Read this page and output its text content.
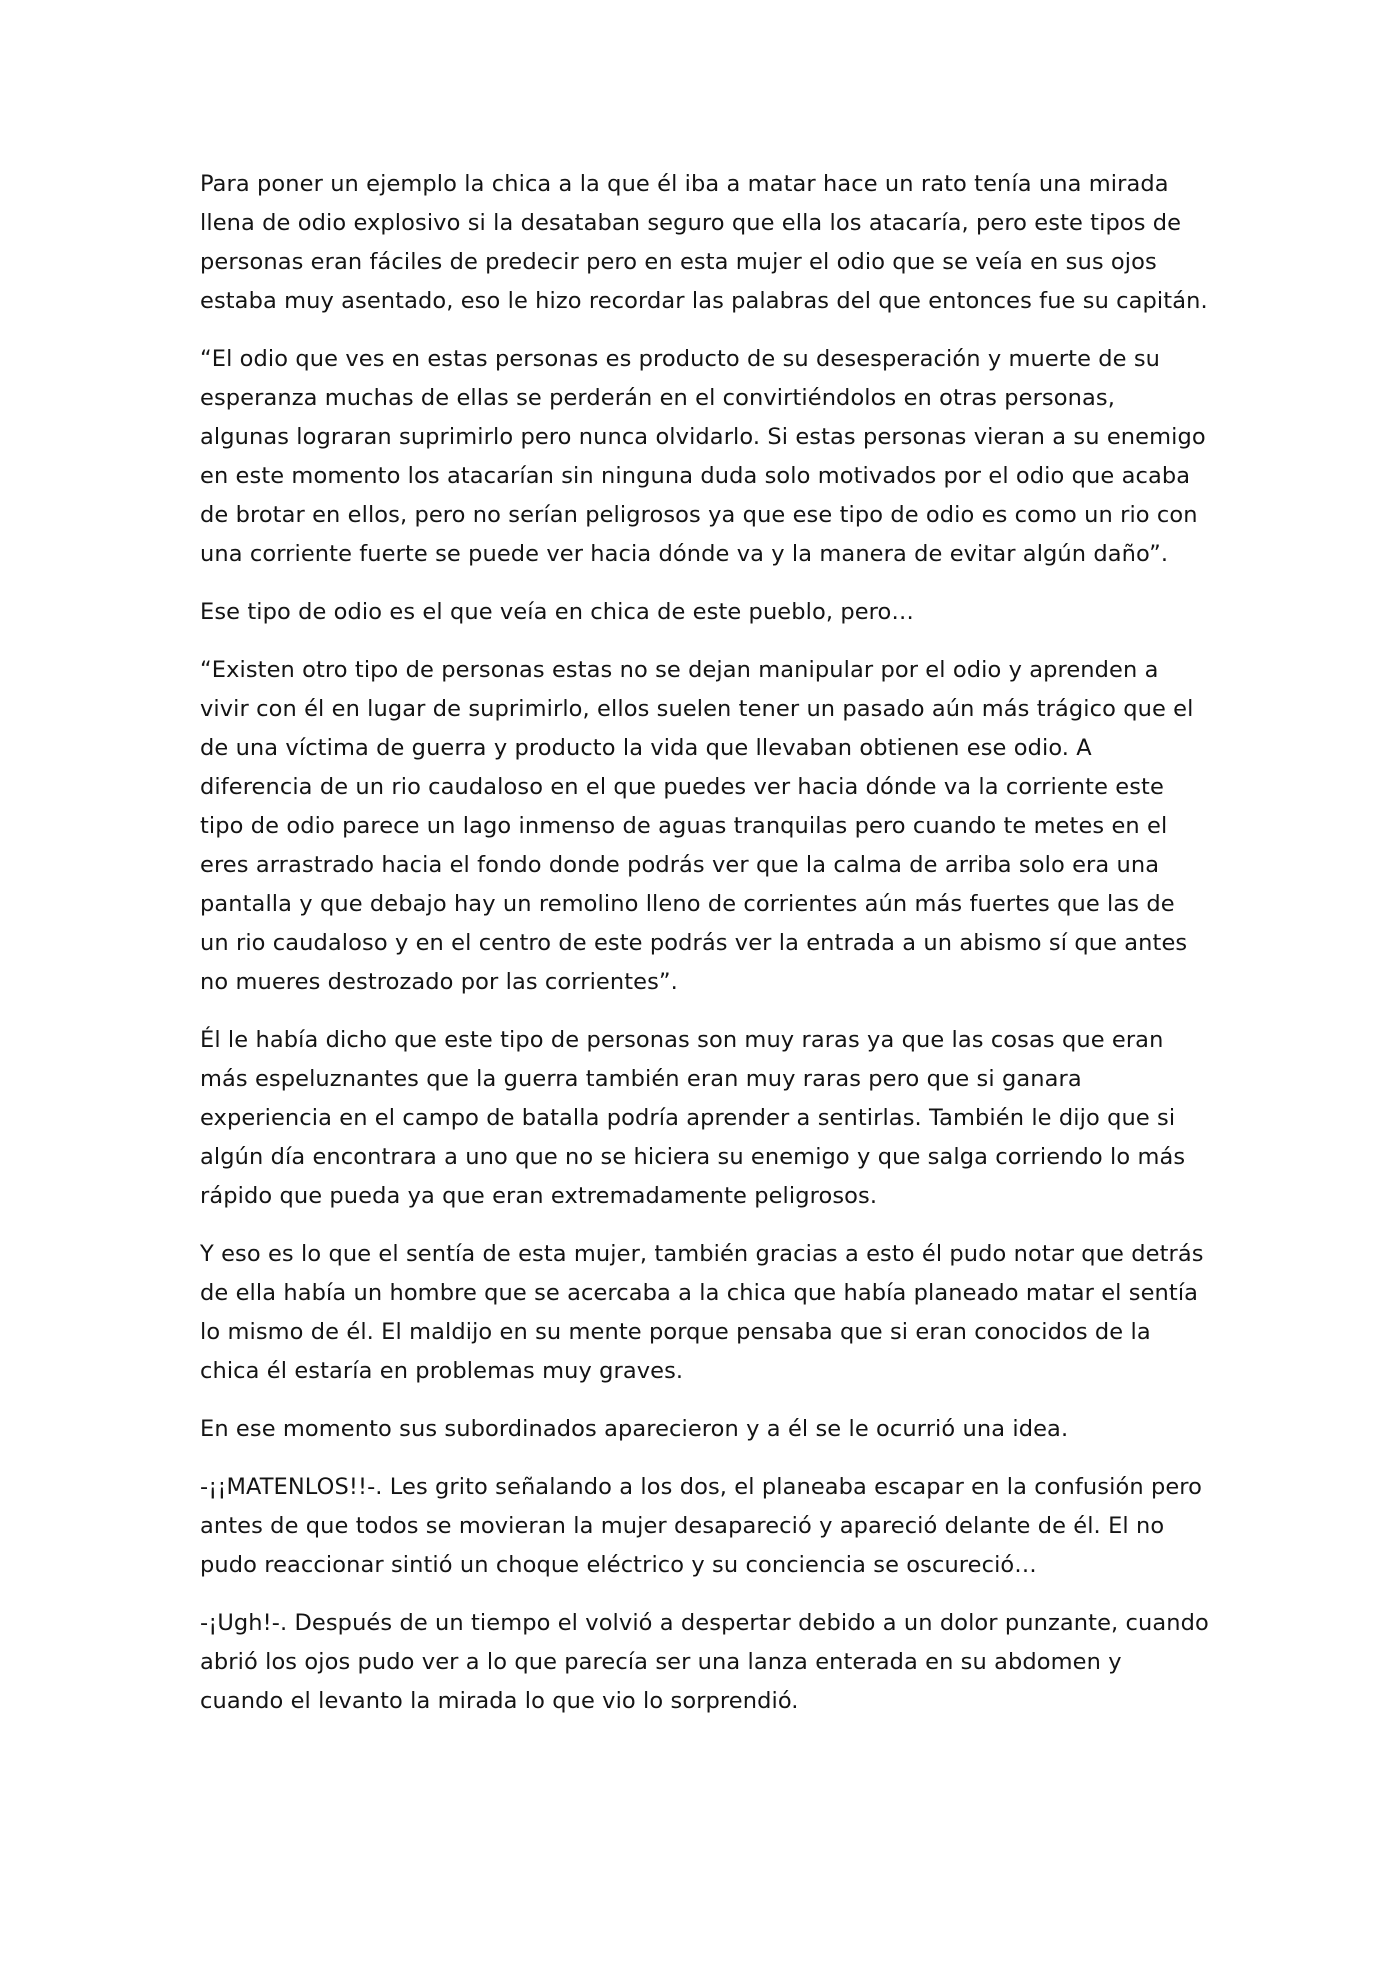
Para poner un ejemplo la chica a la que él iba a matar hace un rato tenía una mirada llena de odio explosivo si la desataban seguro que ella los atacaría, pero este tipos de personas eran fáciles de predecir pero en esta mujer el odio que se veía en sus ojos estaba muy asentado, eso le hizo recordar las palabras del que entonces fue su capitán.

“El odio que ves en estas personas es producto de su desesperación y muerte de su esperanza muchas de ellas se perderán en el convirtiéndolos en otras personas, algunas lograran suprimirlo pero nunca olvidarlo. Si estas personas vieran a su enemigo en este momento los atacarían sin ninguna duda solo motivados por el odio que acaba de brotar en ellos, pero no serían peligrosos ya que ese tipo de odio es como un rio con una corriente fuerte se puede ver hacia dónde va y la manera de evitar algún daño”.

Ese tipo de odio es el que veía en chica de este pueblo, pero…

“Existen otro tipo de personas estas no se dejan manipular por el odio y aprenden a vivir con él en lugar de suprimirlo, ellos suelen tener un pasado aún más trágico que el de una víctima de guerra y producto la vida que llevaban obtienen ese odio. A diferencia de un rio caudaloso en el que puedes ver hacia dónde va la corriente este tipo de odio parece un lago inmenso de aguas tranquilas pero cuando te metes en el eres arrastrado hacia el fondo donde podrás ver que la calma de arriba solo era una pantalla y que debajo hay un remolino lleno de corrientes aún más fuertes que las de un rio caudaloso y en el centro de este podrás ver la entrada a un abismo sí que antes no mueres destrozado por las corrientes”.

Él le había dicho que este tipo de personas son muy raras ya que las cosas que eran más espeluznantes que la guerra también eran muy raras pero que si ganara experiencia en el campo de batalla podría aprender a sentirlas. También le dijo que si algún día encontrara a uno que no se hiciera su enemigo y que salga corriendo lo más rápido que pueda ya que eran extremadamente peligrosos.

Y eso es lo que el sentía de esta mujer, también gracias a esto él pudo notar que detrás de ella había un hombre que se acercaba a la chica que había planeado matar el sentía lo mismo de él. El maldijo en su mente porque pensaba que si eran conocidos de la chica él estaría en problemas muy graves.

En ese momento sus subordinados aparecieron y a él se le ocurrió una idea.

-¡¡MATENLOS!!-. Les grito señalando a los dos, el planeaba escapar en la confusión pero antes de que todos se movieran la mujer desapareció y apareció delante de él. El no pudo reaccionar sintió un choque eléctrico y su conciencia se oscureció…

-¡Ugh!-. Después de un tiempo el volvió a despertar debido a un dolor punzante, cuando abrió los ojos pudo ver a lo que parecía ser una lanza enterada en su abdomen y cuando el levanto la mirada lo que vio lo sorprendió.
